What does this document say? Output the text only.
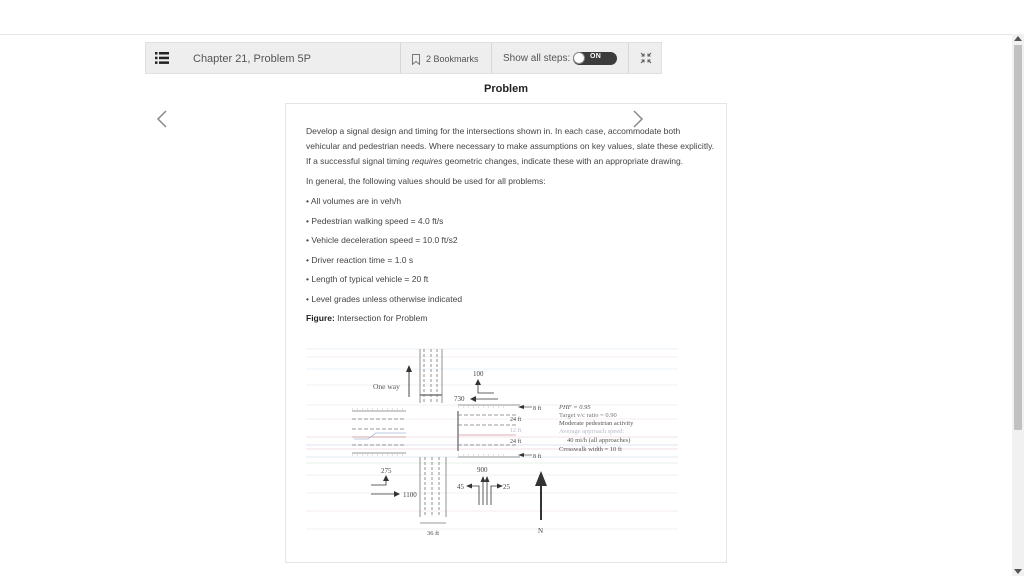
Chapter 21, Problem 5P	2 Bookmarks Show all steps:	ON
Problem

Develop a signal design and timing for the intersections shown in. In each case, accommodate both vehicular and pedestrian needs. Where necessary to make assumptions on key values, slate these explicitly. If a successful signal timing requires geometric changes, indicate these with an appropriate drawing.

In general, the following values should be used for all problems:

• All volumes are in veh/h
• Pedestrian walking speed = 4.0 ft/s
• Vehicle deceleration speed = 10.0 ft/s2
• Driver reaction time = 1.0 s
• Length of typical vehicle = 20 ft
• Level grades unless otherwise indicated
Figure: Intersection for Problem
One way
100
730
275
1100
900
45	25
8 ft
24 ft
12 ft
24 ft
8 ft
36 ft	N
PHF = 0.95
Target v/c ratio = 0.90
Moderate pedestrian activity
Average approach speed:
40 mi/h (all approaches)
Crosswalk width = 10 ft
